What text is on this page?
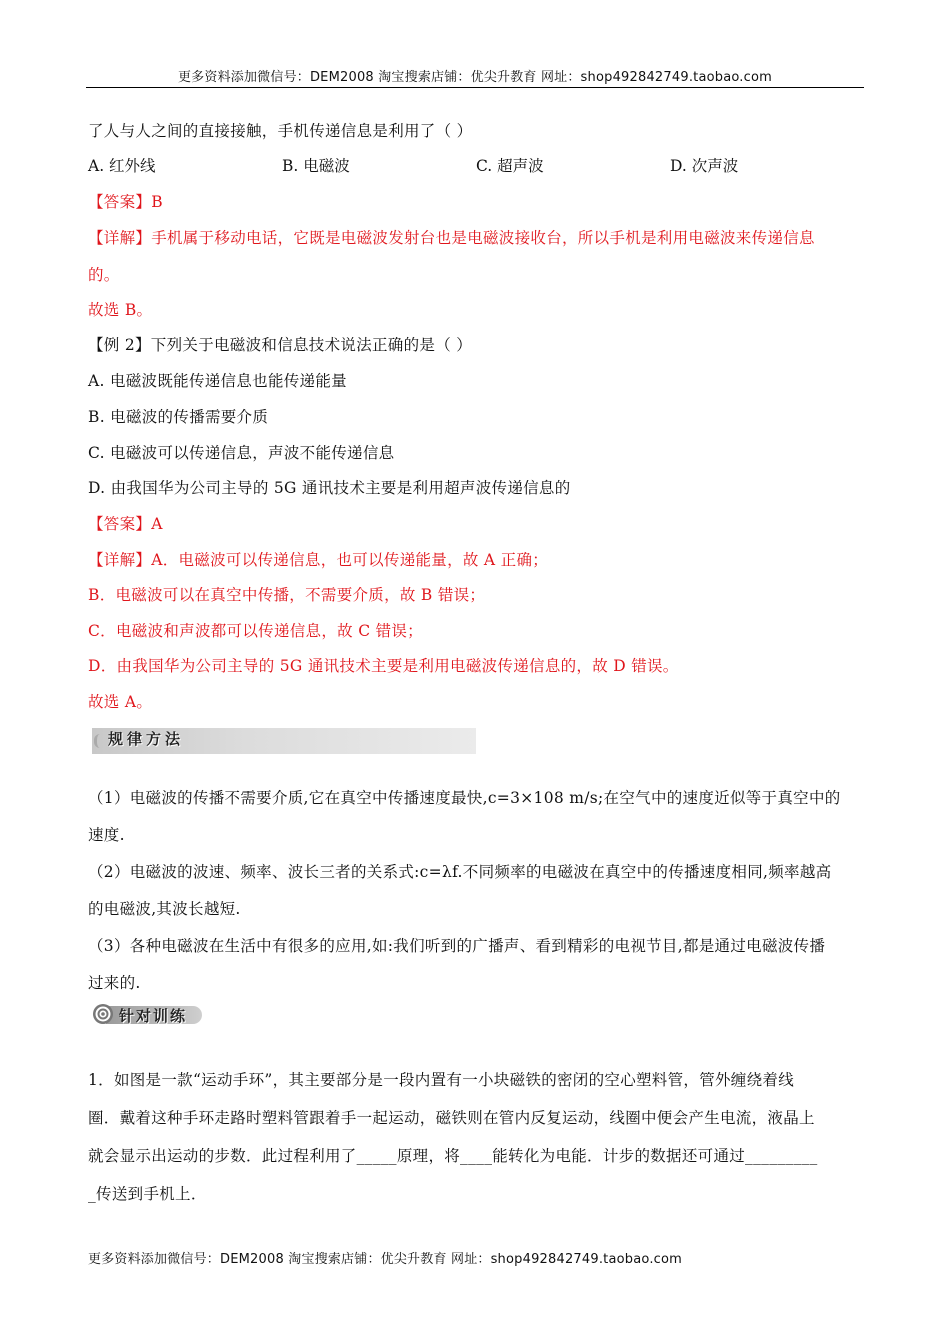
更多资料添加微信号：DEM2008 淘宝搜索店铺：优尖升教育 网址：shop492842749.taobao.com
了人与人之间的直接接触，手机传递信息是利用了（ ）
A. 红外线	B. 电磁波	C. 超声波	D. 次声波
【答案】B
【详解】手机属于移动电话，它既是电磁波发射台也是电磁波接收台，所以手机是利用电磁波来传递信息
的。
故选 B。
【例 2】下列关于电磁波和信息技术说法正确的是（ ）
A. 电磁波既能传递信息也能传递能量
B. 电磁波的传播需要介质
C. 电磁波可以传递信息，声波不能传递信息
D. 由我国华为公司主导的 5G 通讯技术主要是利用超声波传递信息的
【答案】A
【详解】A．电磁波可以传递信息，也可以传递能量，故 A 正确；
B．电磁波可以在真空中传播，不需要介质，故 B 错误；
C．电磁波和声波都可以传递信息，故 C 错误；
D．由我国华为公司主导的 5G 通讯技术主要是利用电磁波传递信息的，故 D 错误。
故选 A。
规律方法
（1）电磁波的传播不需要介质,它在真空中传播速度最快,c=3×108 m/s;在空气中的速度近似等于真空中的
速度.
（2）电磁波的波速、频率、波长三者的关系式:c=λf.不同频率的电磁波在真空中的传播速度相同,频率越高
的电磁波,其波长越短.
（3）各种电磁波在生活中有很多的应用,如:我们听到的广播声、看到精彩的电视节目,都是通过电磁波传播
过来的.
针对训练
1．如图是一款“运动手环”，其主要部分是一段内置有一小块磁铁的密闭的空心塑料管，管外缠绕着线
圈．戴着这种手环走路时塑料管跟着手一起运动，磁铁则在管内反复运动，线圈中便会产生电流，液晶上
就会显示出运动的步数．此过程利用了_____原理，将____能转化为电能．计步的数据还可通过_________
_传送到手机上．
更多资料添加微信号：DEM2008 淘宝搜索店铺：优尖升教育 网址：shop492842749.taobao.com
